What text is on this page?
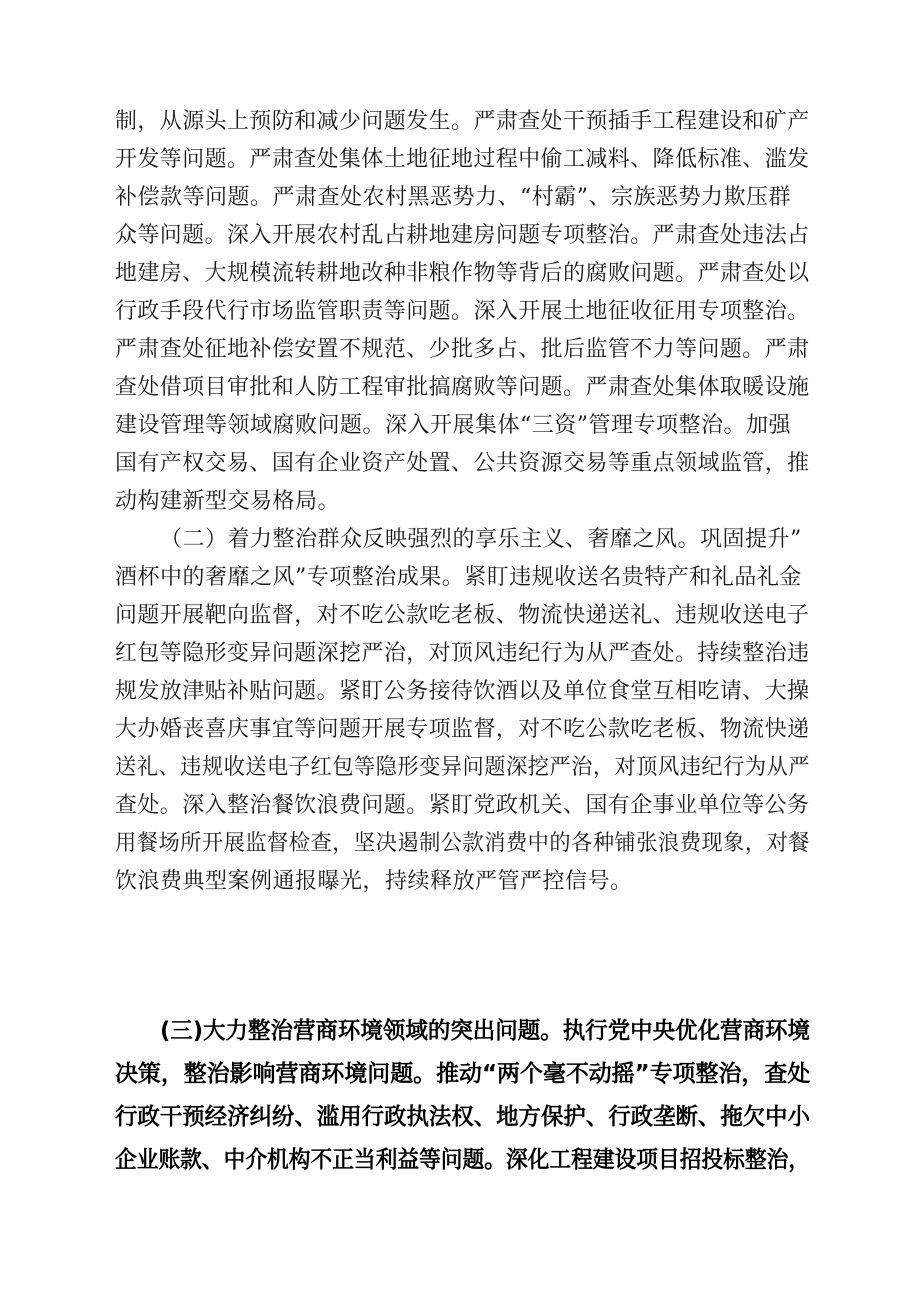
制，从源头上预防和减少问题发生。严肃查处干预插手工程建设和矿产
开发等问题。严肃查处集体土地征地过程中偷工减料、降低标准、滥发
补偿款等问题。严肃查处农村黑恶势力、“村霸”、宗族恶势力欺压群
众等问题。深入开展农村乱占耕地建房问题专项整治。严肃查处违法占
地建房、大规模流转耕地改种非粮作物等背后的腐败问题。严肃查处以
行政手段代行市场监管职责等问题。深入开展土地征收征用专项整治。
严肃查处征地补偿安置不规范、少批多占、批后监管不力等问题。严肃
查处借项目审批和人防工程审批搞腐败等问题。严肃查处集体取暖设施
建设管理等领域腐败问题。深入开展集体“三资”管理专项整治。加强
国有产权交易、国有企业资产处置、公共资源交易等重点领域监管，推
动构建新型交易格局。
（二）着力整治群众反映强烈的享乐主义、奢靡之风。巩固提升”
酒杯中的奢靡之风”专项整治成果。紧盯违规收送名贵特产和礼品礼金
问题开展靶向监督，对不吃公款吃老板、物流快递送礼、违规收送电子
红包等隐形变异问题深挖严治，对顶风违纪行为从严查处。持续整治违
规发放津贴补贴问题。紧盯公务接待饮酒以及单位食堂互相吃请、大操
大办婚丧喜庆事宜等问题开展专项监督，对不吃公款吃老板、物流快递
送礼、违规收送电子红包等隐形变异问题深挖严治，对顶风违纪行为从严
查处。深入整治餐饮浪费问题。紧盯党政机关、国有企事业单位等公务
用餐场所开展监督检查，坚决遏制公款消费中的各种铺张浪费现象，对餐
饮浪费典型案例通报曝光，持续释放严管严控信号。
(三)大力整治营商环境领域的突出问题。执行党中央优化营商环境
决策，整治影响营商环境问题。推动“两个毫不动摇”专项整治，查处
行政干预经济纠纷、滥用行政执法权、地方保护、行政垄断、拖欠中小
企业账款、中介机构不正当利益等问题。深化工程建设项目招投标整治，
